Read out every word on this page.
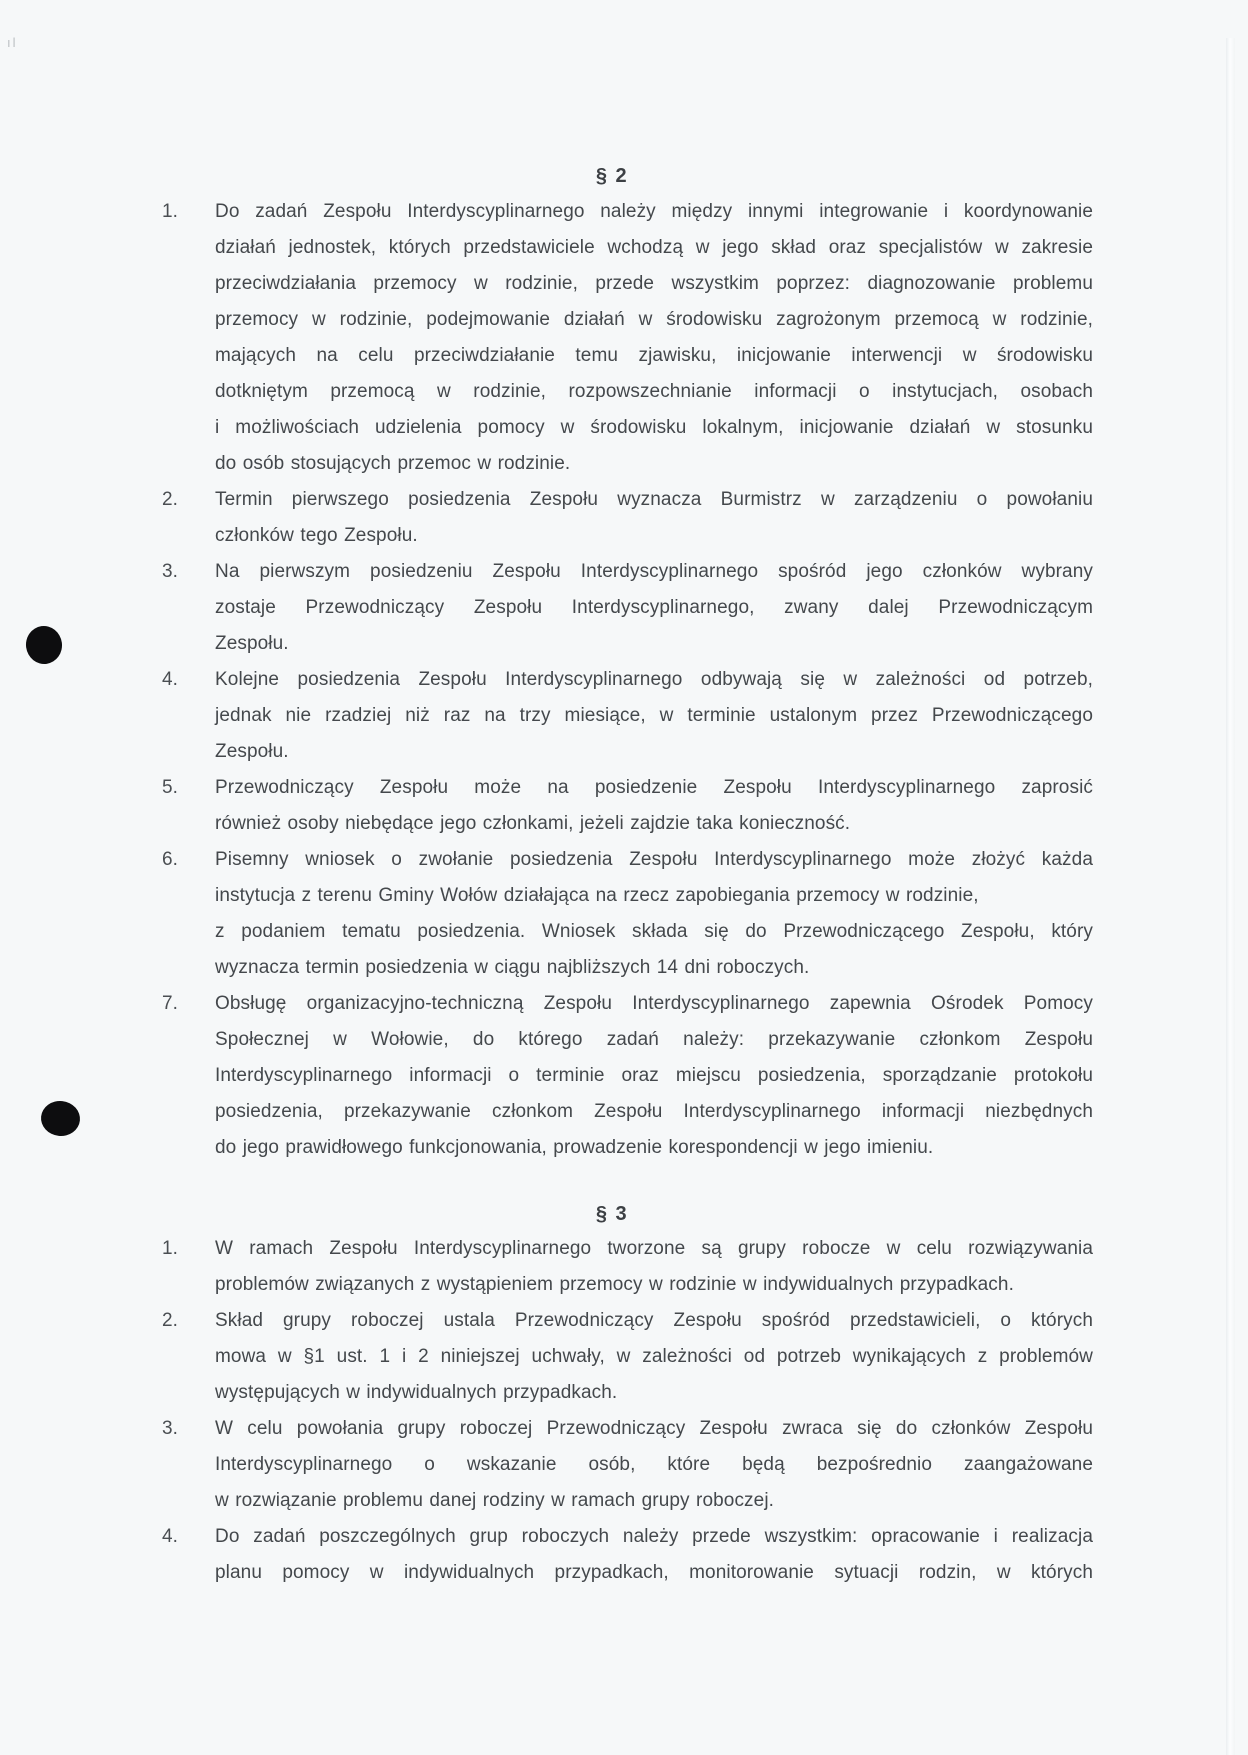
ıl
§ 2
1. Do zadań Zespołu Interdyscyplinarnego należy między innymi integrowanie i koordynowanie
działań jednostek, których przedstawiciele wchodzą w jego skład oraz specjalistów w zakresie
przeciwdziałania przemocy w rodzinie, przede wszystkim poprzez: diagnozowanie problemu
przemocy w rodzinie, podejmowanie działań w środowisku zagrożonym przemocą w rodzinie,
mających na celu przeciwdziałanie temu zjawisku, inicjowanie interwencji w środowisku
dotkniętym przemocą w rodzinie, rozpowszechnianie informacji o instytucjach, osobach
i możliwościach udzielenia pomocy w środowisku lokalnym, inicjowanie działań w stosunku
do osób stosujących przemoc w rodzinie.
2. Termin pierwszego posiedzenia Zespołu wyznacza Burmistrz w zarządzeniu o powołaniu
członków tego Zespołu.
3. Na pierwszym posiedzeniu Zespołu Interdyscyplinarnego spośród jego członków wybrany
zostaje Przewodniczący Zespołu Interdyscyplinarnego, zwany dalej Przewodniczącym
Zespołu.
4. Kolejne posiedzenia Zespołu Interdyscyplinarnego odbywają się w zależności od potrzeb,
jednak nie rzadziej niż raz na trzy miesiące, w terminie ustalonym przez Przewodniczącego
Zespołu.
5. Przewodniczący Zespołu może na posiedzenie Zespołu Interdyscyplinarnego zaprosić
również osoby niebędące jego członkami, jeżeli zajdzie taka konieczność.
6. Pisemny wniosek o zwołanie posiedzenia Zespołu Interdyscyplinarnego może złożyć każda
instytucja z terenu Gminy Wołów działająca na rzecz zapobiegania przemocy w rodzinie,
z podaniem tematu posiedzenia. Wniosek składa się do Przewodniczącego Zespołu, który
wyznacza termin posiedzenia w ciągu najbliższych 14 dni roboczych.
7. Obsługę organizacyjno-techniczną Zespołu Interdyscyplinarnego zapewnia Ośrodek Pomocy
Społecznej w Wołowie, do którego zadań należy: przekazywanie członkom Zespołu
Interdyscyplinarnego informacji o terminie oraz miejscu posiedzenia, sporządzanie protokołu
posiedzenia, przekazywanie członkom Zespołu Interdyscyplinarnego informacji niezbędnych
do jego prawidłowego funkcjonowania, prowadzenie korespondencji w jego imieniu.
§ 3
1. W ramach Zespołu Interdyscyplinarnego tworzone są grupy robocze w celu rozwiązywania
problemów związanych z wystąpieniem przemocy w rodzinie w indywidualnych przypadkach.
2. Skład grupy roboczej ustala Przewodniczący Zespołu spośród przedstawicieli, o których
mowa w §1 ust. 1 i 2 niniejszej uchwały, w zależności od potrzeb wynikających z problemów
występujących w indywidualnych przypadkach.
3. W celu powołania grupy roboczej Przewodniczący Zespołu zwraca się do członków Zespołu
Interdyscyplinarnego o wskazanie osób, które będą bezpośrednio zaangażowane
w rozwiązanie problemu danej rodziny w ramach grupy roboczej.
4. Do zadań poszczególnych grup roboczych należy przede wszystkim: opracowanie i realizacja
planu pomocy w indywidualnych przypadkach, monitorowanie sytuacji rodzin, w których
